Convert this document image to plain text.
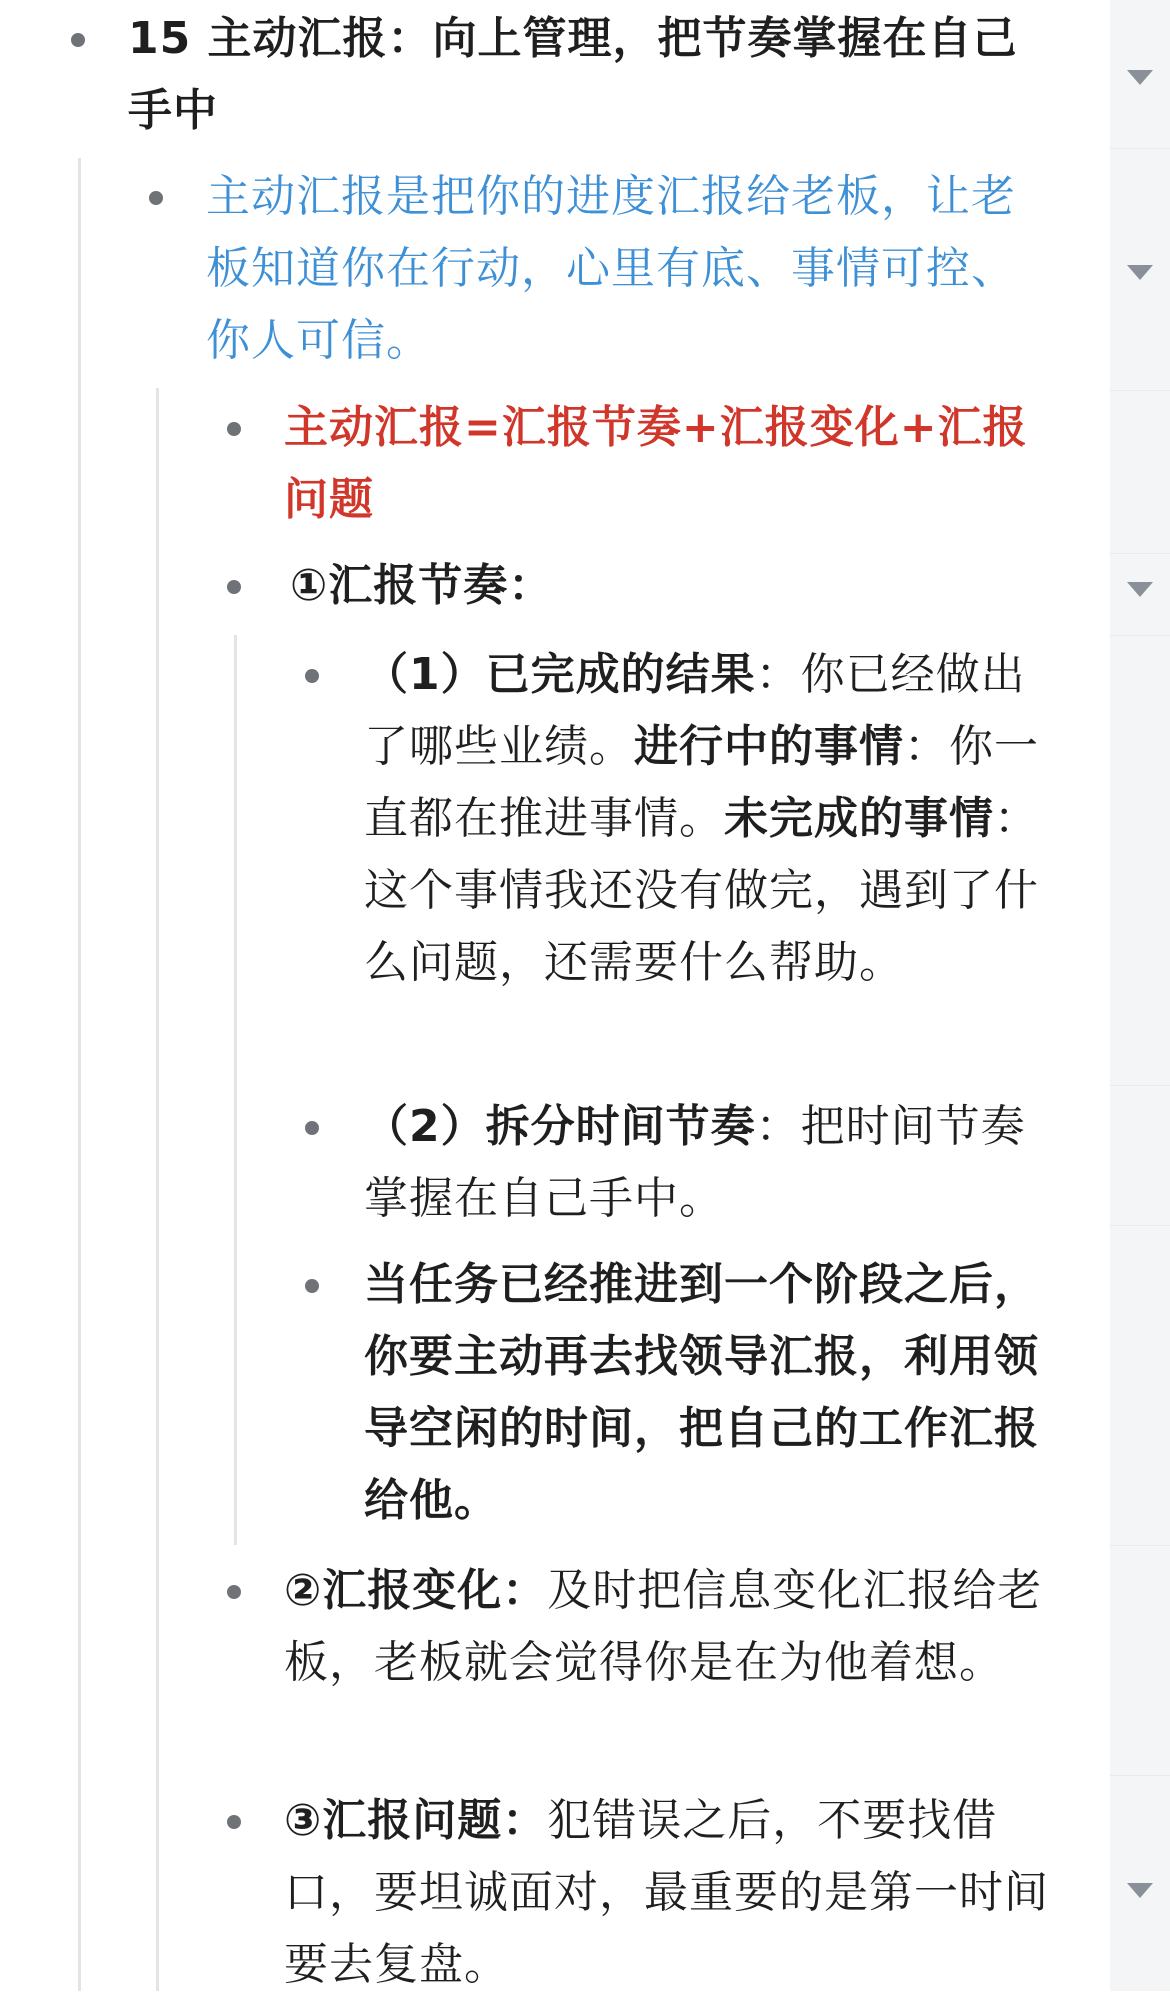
15 主动汇报：向上管理，把节奏掌握在自己手中
主动汇报是把你的进度汇报给老板，让老板知道你在行动，心里有底、事情可控、你人可信。
主动汇报=汇报节奏+汇报变化+汇报问题
①汇报节奏：
（1）已完成的结果：你已经做出了哪些业绩。进行中的事情：你一直都在推进事情。未完成的事情：这个事情我还没有做完，遇到了什么问题，还需要什么帮助。
（2）拆分时间节奏：把时间节奏掌握在自己手中。
当任务已经推进到一个阶段之后，你要主动再去找领导汇报，利用领导空闲的时间，把自己的工作汇报给他。
②汇报变化：及时把信息变化汇报给老板，老板就会觉得你是在为他着想。
③汇报问题：犯错误之后，不要找借口，要坦诚面对，最重要的是第一时间要去复盘。
